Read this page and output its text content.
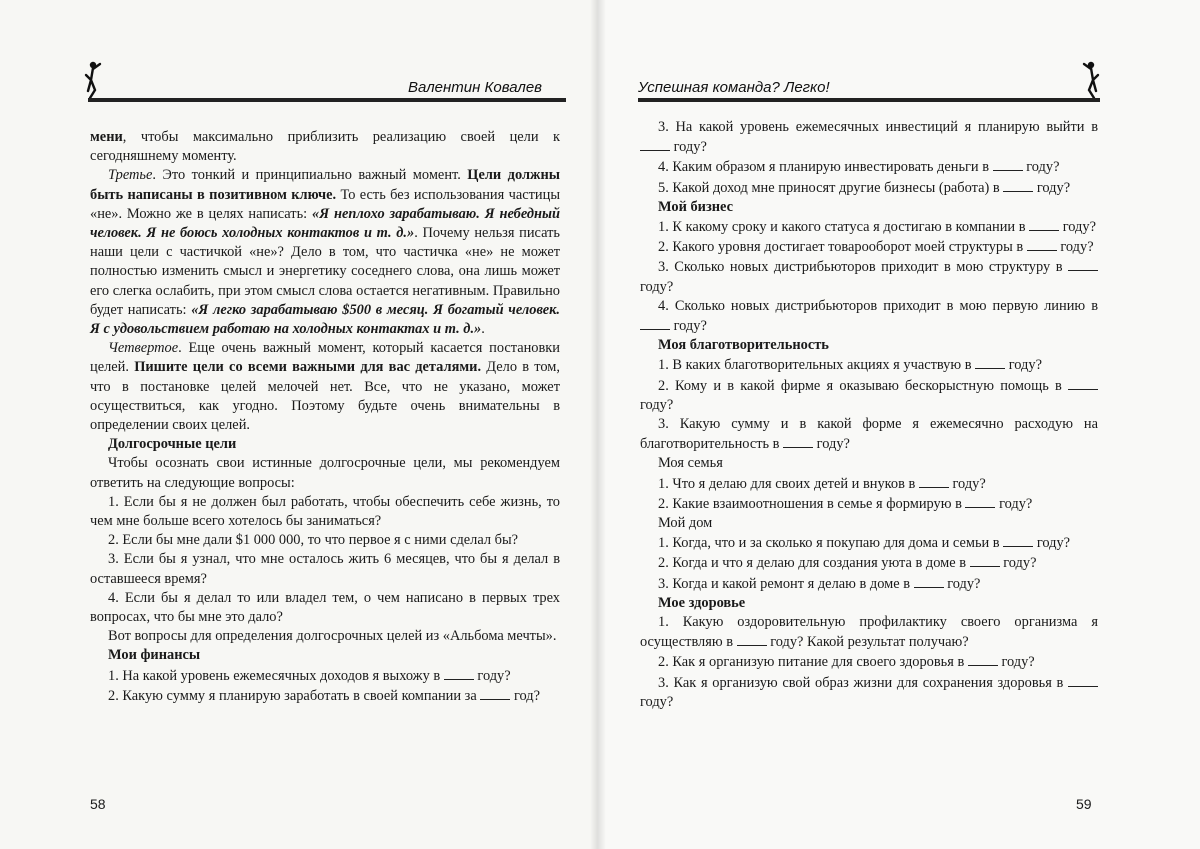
Валентин Ковалев	Успешная команда? Легко!

мени, чтобы максимально приблизить реализацию своей цели к сегодняшнему моменту.

Третье. Это тонкий и принципиально важный момент. Цели должны быть написаны в позитивном ключе. То есть без использования частицы «не». Можно же в целях написать: «Я неплохо зарабатываю. Я небедный человек. Я не боюсь холодных контактов и т. д.». Почему нельзя писать наши цели с частичкой «не»? Дело в том, что частичка «не» не может полностью изменить смысл и энергетику соседнего слова, она лишь может его слегка ослабить, при этом смысл слова остается негативным. Правильно будет написать: «Я легко зарабатываю $500 в месяц. Я богатый человек. Я с удовольствием работаю на холодных контактах и т. д.».

Четвертое. Еще очень важный момент, который касается постановки целей. Пишите цели со всеми важными для вас деталями. Дело в том, что в постановке целей мелочей нет. Все, что не указано, может осуществиться, как угодно. Поэтому будьте очень внимательны в определении своих целей.

Долгосрочные цели

Чтобы осознать свои истинные долгосрочные цели, мы рекомендуем ответить на следующие вопросы:

1. Если бы я не должен был работать, чтобы обеспечить себе жизнь, то чем мне больше всего хотелось бы заниматься?

2. Если бы мне дали $1 000 000, то что первое я с ними сделал бы?

3. Если бы я узнал, что мне осталось жить 6 месяцев, что бы я делал в оставшееся время?

4. Если бы я делал то или владел тем, о чем написано в первых трех вопросах, что бы мне это дало?

Вот вопросы для определения долгосрочных целей из «Альбома мечты».

Мои финансы

1. На какой уровень ежемесячных доходов я выхожу в  году?

2. Какую сумму я планирую заработать в своей компании за  год?

3. На какой уровень ежемесячных инвестиций я планирую выйти в  году?

4. Каким образом я планирую инвестировать деньги в  году?

5. Какой доход мне приносят другие бизнесы (работа) в  году?

Мой бизнес

1. К какому сроку и какого статуса я достигаю в компании в  году?

2. Какого уровня достигает товарооборот моей структуры в  году?

3. Сколько новых дистрибьюторов приходит в мою структуру в  году?

4. Сколько новых дистрибьюторов приходит в мою первую линию в  году?

Моя благотворительность

1. В каких благотворительных акциях я участвую в  году?

2. Кому и в какой фирме я оказываю бескорыстную помощь в  году?

3. Какую сумму и в какой форме я ежемесячно расходую на благотворительность в  году?

Моя семья

1. Что я делаю для своих детей и внуков в  году?

2. Какие взаимоотношения в семье я формирую в  году?

Мой дом

1. Когда, что и за сколько я покупаю для дома и семьи в  году?

2. Когда и что я делаю для создания уюта в доме в  году?

3. Когда и какой ремонт я делаю в доме в  году?

Мое здоровье

1. Какую оздоровительную профилактику своего организма я осуществляю в  году? Какой результат получаю?

2. Как я организую питание для своего здоровья в  году?

3. Как я организую свой образ жизни для сохранения здоровья в  году?

58	59
